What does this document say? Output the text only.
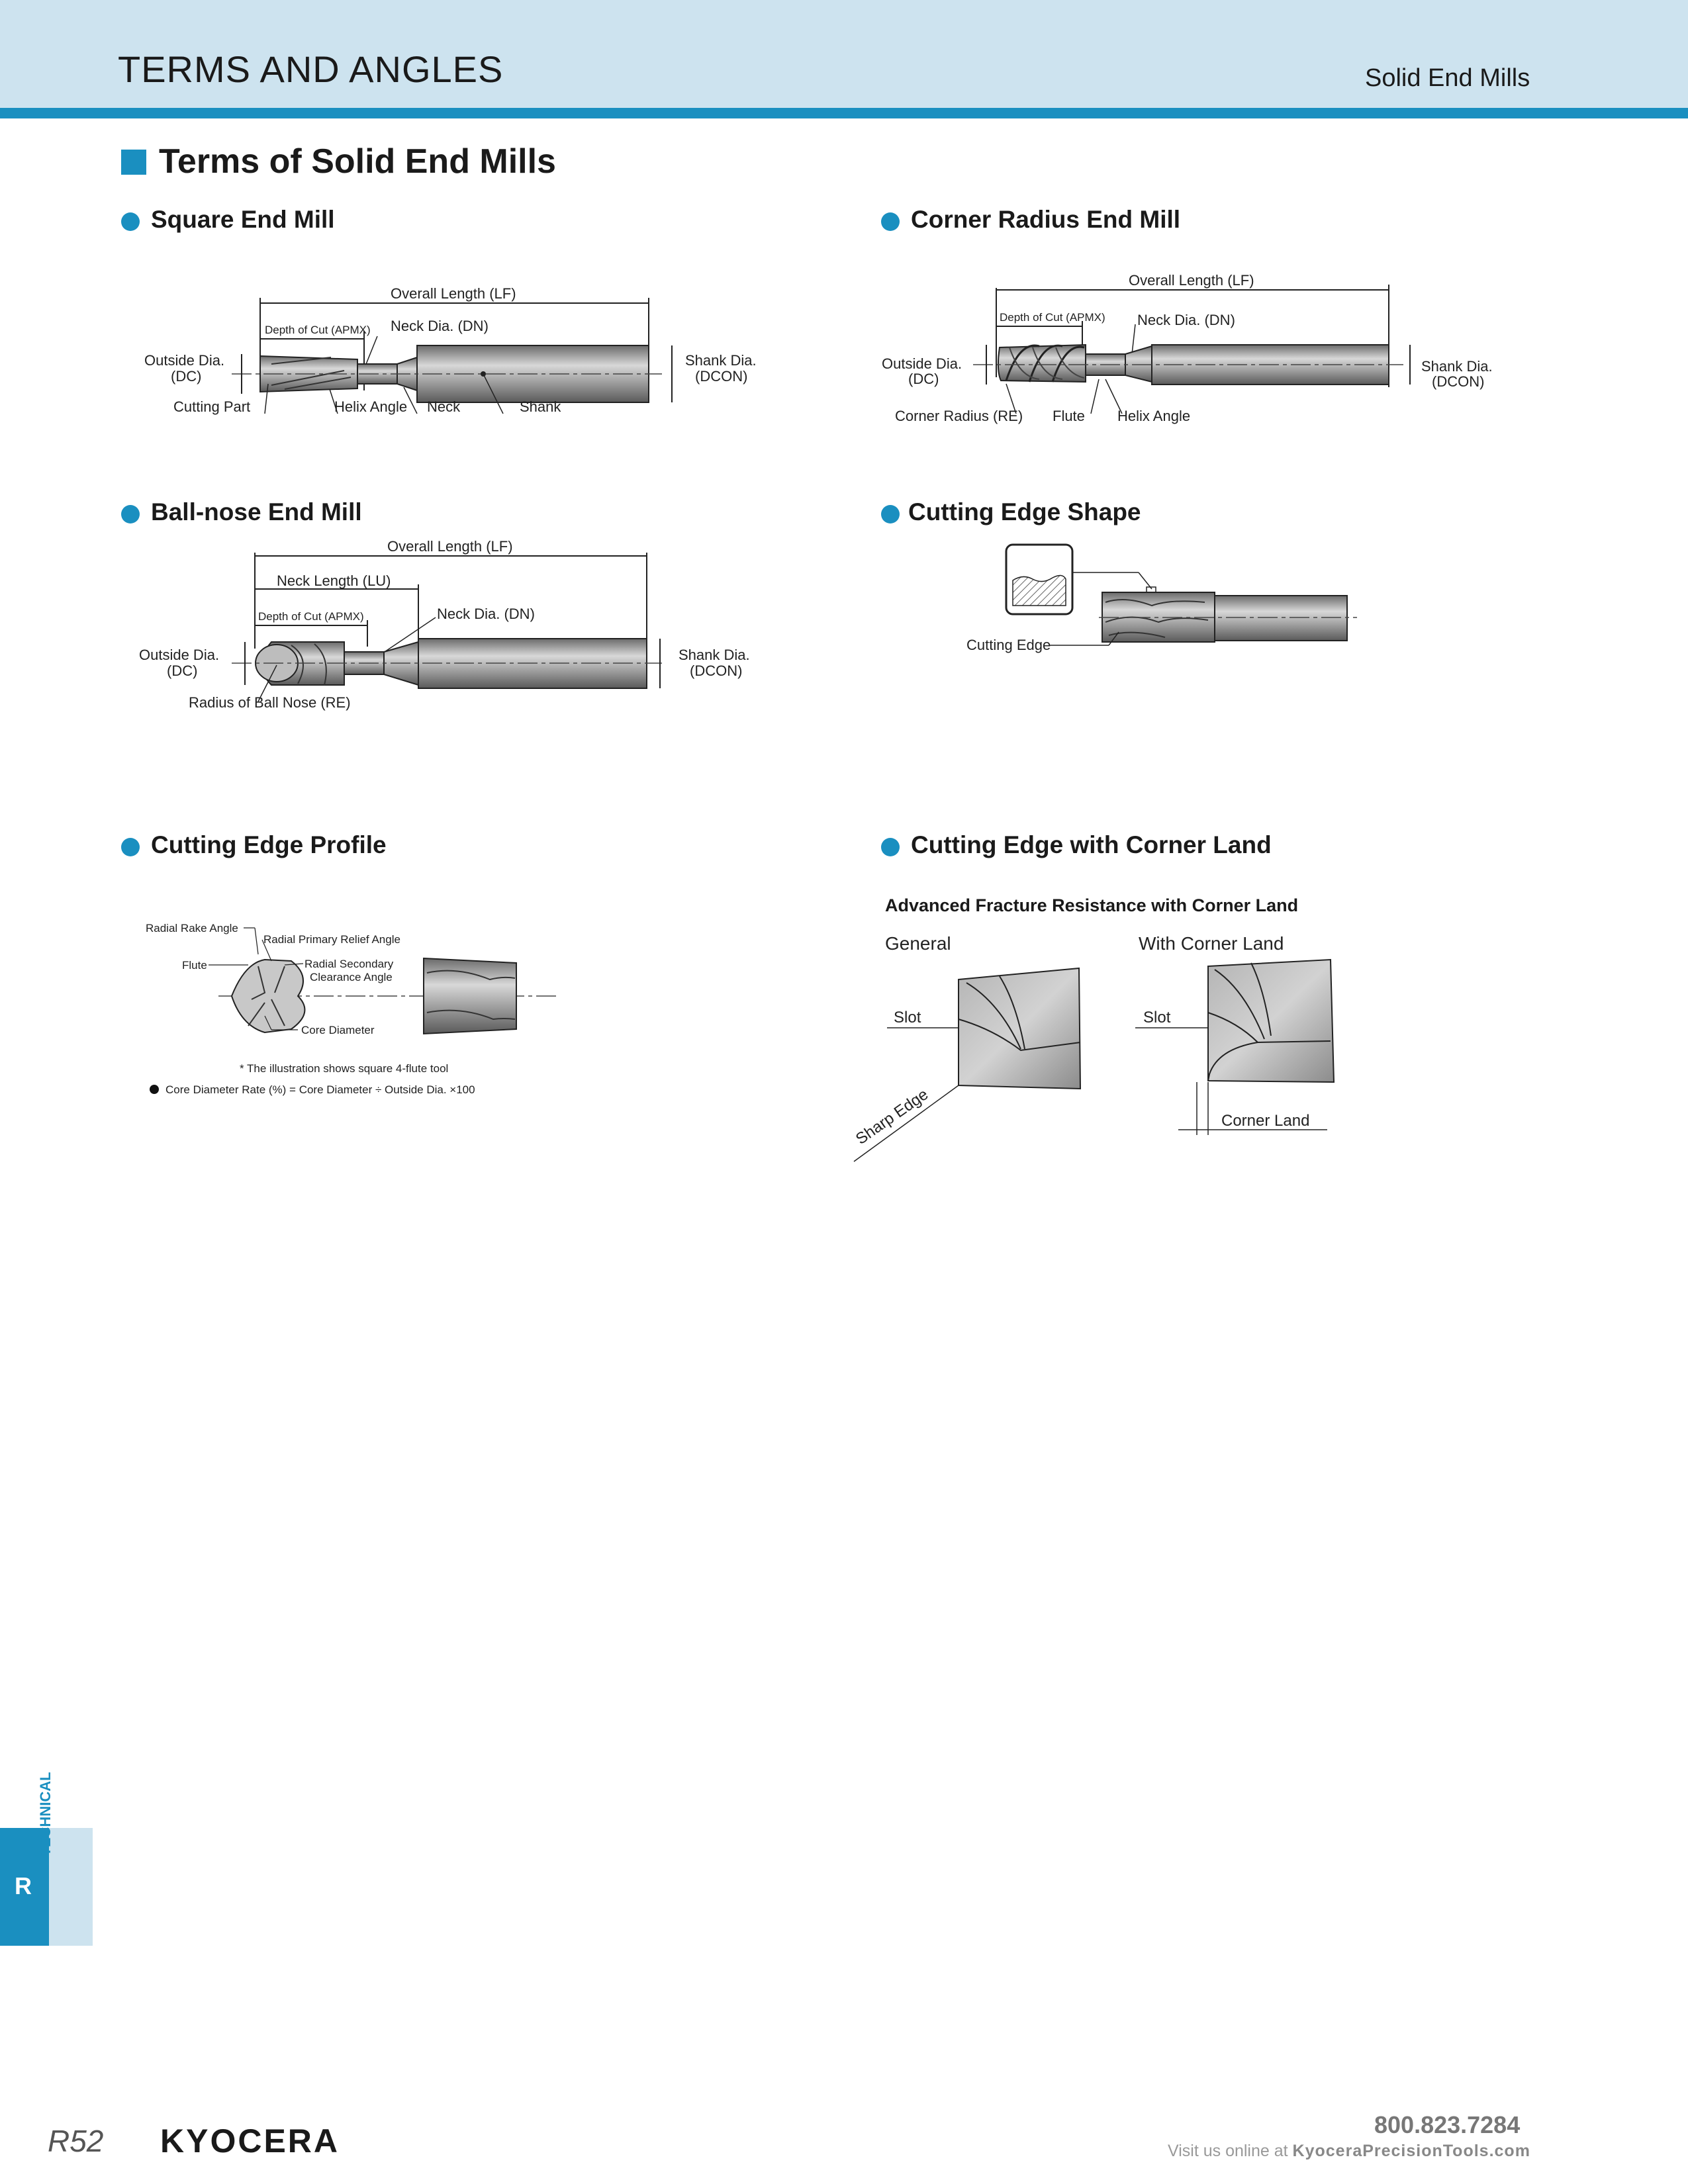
TERMS AND ANGLES	Solid End Mills
Terms of Solid End Mills
Square End Mill	Corner Radius End Mill
Ball-nose End Mill	Cutting Edge Shape
Cutting Edge Profile	Cutting Edge with Corner Land
Overall Length (LF)
Depth of Cut (APMX) Neck Dia. (DN)
Outside Dia.
(DC)
Shank Dia.
(DCON)
Cutting Part	Helix Angle Neck	Shank
Overall Length (LF)
Depth of Cut (APMX) Neck Dia. (DN)
Outside Dia.
(DC)
Shank Dia.
(DCON)
Corner Radius (RE) Flute Helix Angle
Overall Length (LF)
Neck Length (LU)
Depth of Cut (APMX)	Neck Dia. (DN)
Outside Dia.
(DC)
Shank Dia.
(DCON)
Radius of Ball Nose (RE)
Cutting Edge
Radial Rake Angle
Radial Primary Relief Angle
Flute	Radial Secondary
Clearance Angle
Core Diameter
* The illustration shows square 4-flute tool
Core Diameter Rate (%) = Core Diameter ÷ Outside Dia. ×100
Advanced Fracture Resistance with Corner Land
General	With Corner Land
Slot
Sharp Edge
Slot
Corner Land
R
TECHNICAL
R52 KYOCERA	800.823.7284
Visit us online at KyoceraPrecisionTools.com
